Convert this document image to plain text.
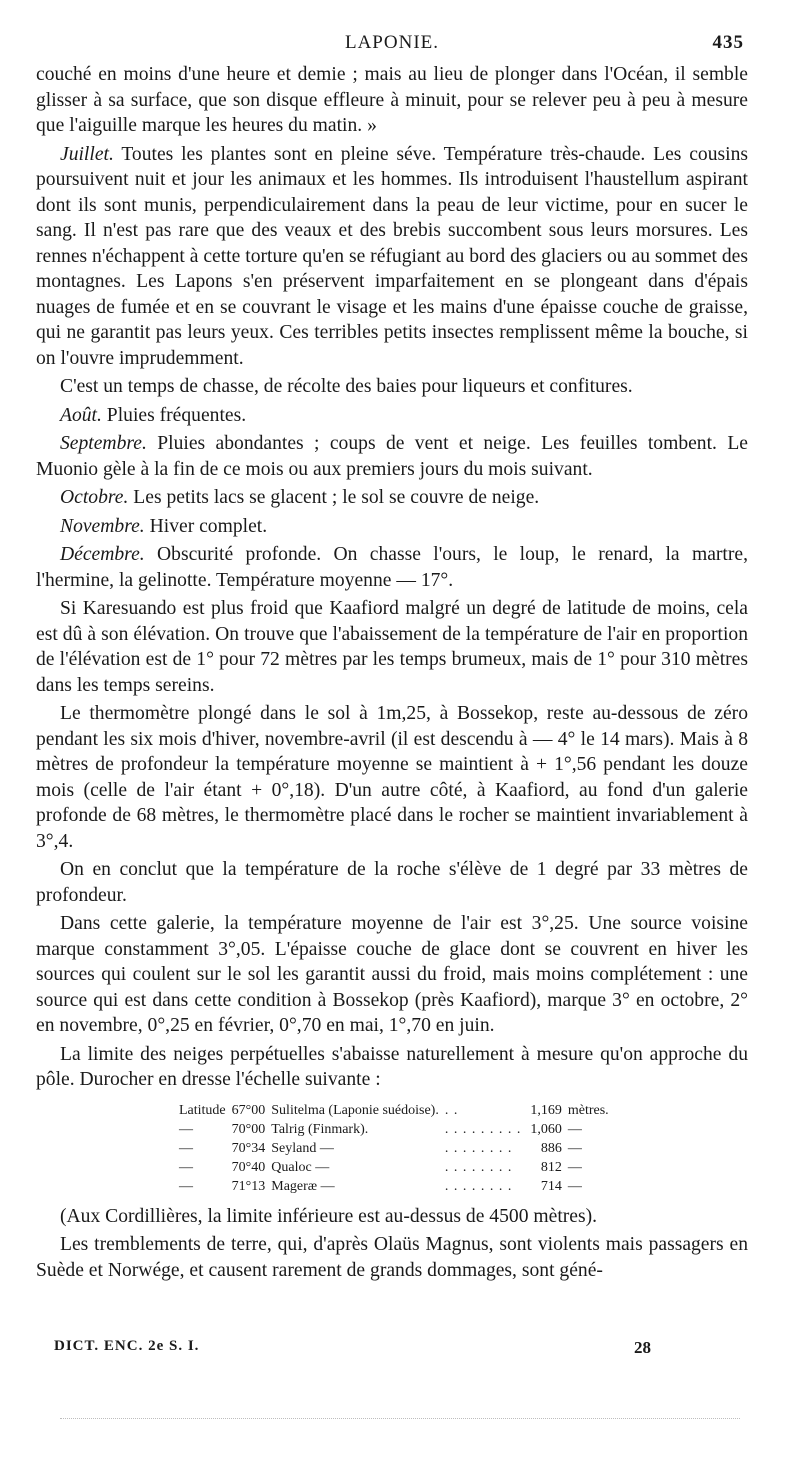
LAPONIE.	435

couché en moins d'une heure et demie ; mais au lieu de plonger dans l'Océan, il semble glisser à sa surface, que son disque effleure à minuit, pour se relever peu à peu à mesure que l'aiguille marque les heures du matin. »

Juillet. Toutes les plantes sont en pleine séve. Température très-chaude. Les cousins poursuivent nuit et jour les animaux et les hommes. Ils introduisent l'haustellum aspirant dont ils sont munis, perpendiculairement dans la peau de leur victime, pour en sucer le sang. Il n'est pas rare que des veaux et des brebis succombent sous leurs morsures. Les rennes n'échappent à cette torture qu'en se réfugiant au bord des glaciers ou au sommet des montagnes. Les Lapons s'en préservent imparfaitement en se plongeant dans d'épais nuages de fumée et en se couvrant le visage et les mains d'une épaisse couche de graisse, qui ne garantit pas leurs yeux. Ces terribles petits insectes remplissent même la bouche, si on l'ouvre imprudemment.

C'est un temps de chasse, de récolte des baies pour liqueurs et confitures.

Août. Pluies fréquentes.

Septembre. Pluies abondantes ; coups de vent et neige. Les feuilles tombent. Le Muonio gèle à la fin de ce mois ou aux premiers jours du mois suivant.

Octobre. Les petits lacs se glacent ; le sol se couvre de neige.

Novembre. Hiver complet.

Décembre. Obscurité profonde. On chasse l'ours, le loup, le renard, la martre, l'hermine, la gelinotte. Température moyenne — 17°.

Si Karesuando est plus froid que Kaafiord malgré un degré de latitude de moins, cela est dû à son élévation. On trouve que l'abaissement de la température de l'air en proportion de l'élévation est de 1° pour 72 mètres par les temps brumeux, mais de 1° pour 310 mètres dans les temps sereins.

Le thermomètre plongé dans le sol à 1m,25, à Bossekop, reste au-dessous de zéro pendant les six mois d'hiver, novembre-avril (il est descendu à — 4° le 14 mars). Mais à 8 mètres de profondeur la température moyenne se maintient à + 1°,56 pendant les douze mois (celle de l'air étant + 0°,18). D'un autre côté, à Kaafiord, au fond d'un galerie profonde de 68 mètres, le thermomètre placé dans le rocher se maintient invariablement à 3°,4.

On en conclut que la température de la roche s'élève de 1 degré par 33 mètres de profondeur.

Dans cette galerie, la température moyenne de l'air est 3°,25. Une source voisine marque constamment 3°,05. L'épaisse couche de glace dont se couvrent en hiver les sources qui coulent sur le sol les garantit aussi du froid, mais moins complétement : une source qui est dans cette condition à Bossekop (près Kaafiord), marque 3° en octobre, 2° en novembre, 0°,25 en février, 0°,70 en mai, 1°,70 en juin.

La limite des neiges perpétuelles s'abaisse naturellement à mesure qu'on approche du pôle. Durocher en dresse l'échelle suivante :

Latitude	67°00	Sulitelma (Laponie suédoise).	. .	1,169	mètres.
—	70°00	Talrig (Finmark).	. . . . . . . . .	1,060	—
—	70°34	Seyland —	. . . . . . . .	886	—
—	70°40	Qualoc —	. . . . . . . .	812	—
—	71°13	Mageræ —	. . . . . . . .	714	—

(Aux Cordillières, la limite inférieure est au-dessus de 4500 mètres).

Les tremblements de terre, qui, d'après Olaüs Magnus, sont violents mais passagers en Suède et Norwége, et causent rarement de grands dommages, sont géné-

DICT. ENC. 2e S. I.	28
